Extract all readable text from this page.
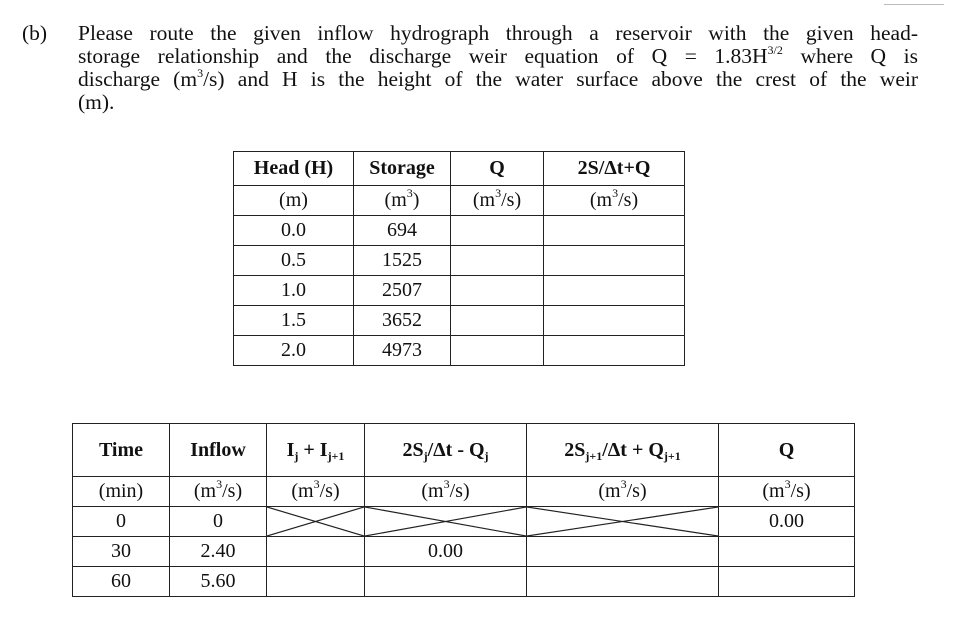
(b) Please route the given inflow hydrograph through a reservoir with the given head-
storage relationship and the discharge weir equation of $Q = 1.83H^{3/2}$ where Q is
discharge $(m^3/s)$ and H is the height of the water surface above the crest of the weir
(m).
Head (H)	Storage	Q	2S/Δt+Q
(m)	$(m^3)$	$(m^3/s)$	$(m^3/s)$
0.0	694		
0.5	1525		
1.0	2507		
1.5	3652		
2.0	4973		
Time	Inflow	$I_j + I_{j+1}$	$2S_j/\Delta t - Q_j$	$2S_{j+1}/\Delta t + Q_{j+1}$	Q
(min)	$(m^3/s)$	$(m^3/s)$	$(m^3/s)$	$(m^3/s)$	$(m^3/s)$
0	0				0.00
30	2.40		0.00		
60	5.60				
